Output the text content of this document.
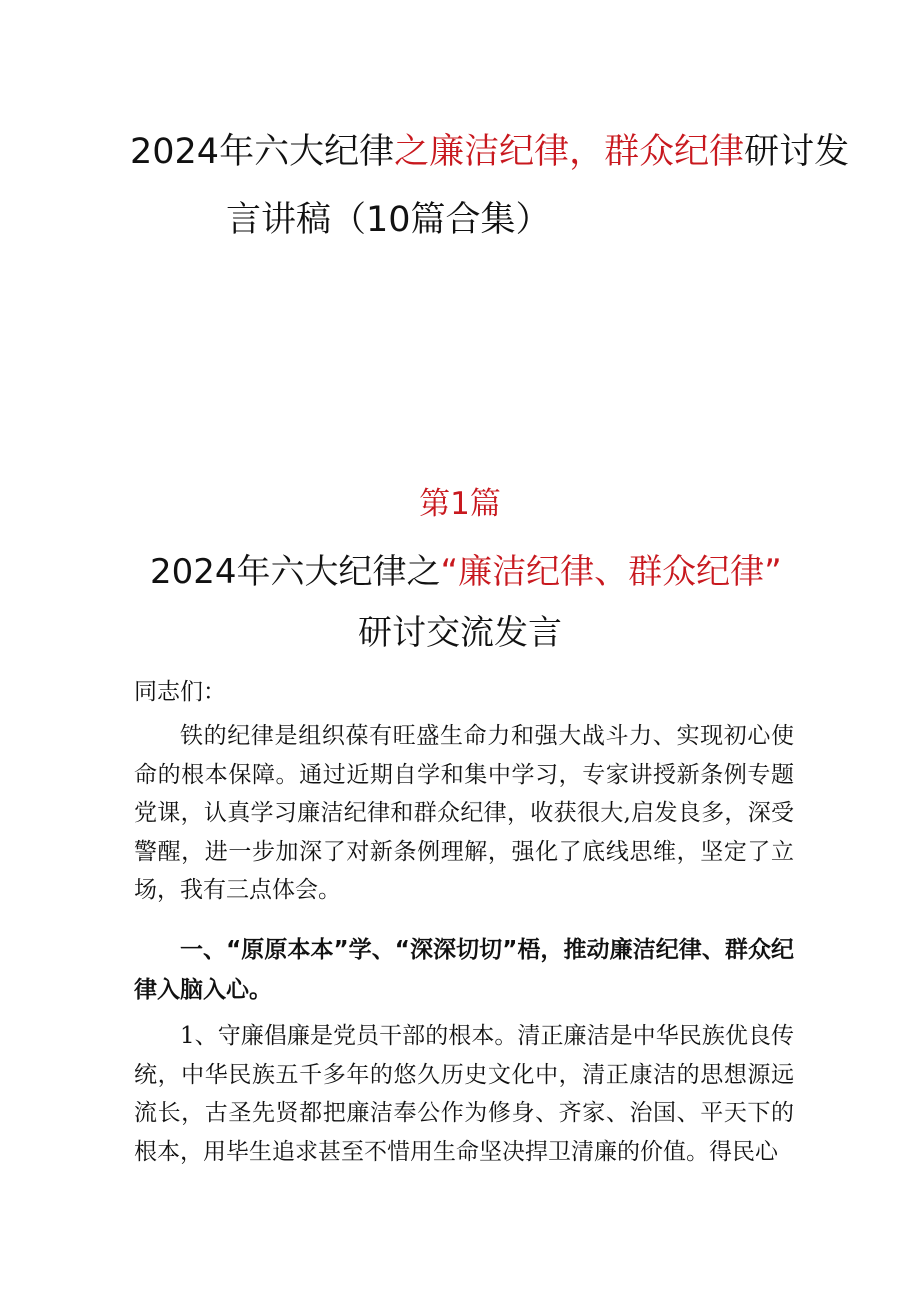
2024年六大纪律之廉洁纪律，群众纪律研讨发
言讲稿（10篇合集）
第1篇
2024年六大纪律之“廉洁纪律、群众纪律”
研讨交流发言
同志们：
铁的纪律是组织葆有旺盛生命力和强大战斗力、实现初心使命的根本保障。通过近期自学和集中学习，专家讲授新条例专题党课，认真学习廉洁纪律和群众纪律，收获很大,启发良多，深受警醒，进一步加深了对新条例理解，强化了底线思维，坚定了立场，我有三点体会。
一、“原原本本”学、“深深切切”梧，推动廉洁纪律、群众纪律入脑入心。
1、守廉倡廉是党员干部的根本。清正廉洁是中华民族优良传统，中华民族五千多年的悠久历史文化中，清正康洁的思想源远流长，古圣先贤都把廉洁奉公作为修身、齐家、治国、平天下的根本，用毕生追求甚至不惜用生命坚决捍卫清廉的价值。得民心
